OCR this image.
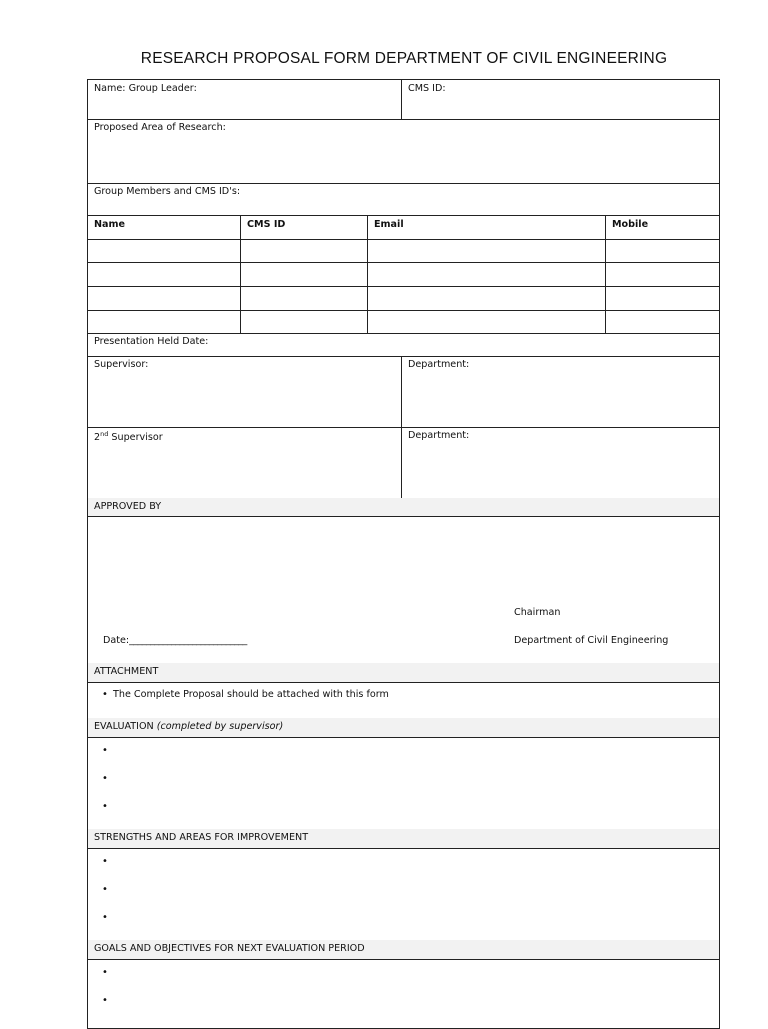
RESEARCH PROPOSAL FORM DEPARTMENT OF CIVIL ENGINEERING
Name: Group Leader:	CMS ID:
Proposed Area of Research:
Group Members and CMS ID's:
Name	CMS ID	Email	Mobile
Presentation Held Date:
Supervisor:	Department:
2nd Supervisor	Department:
APPROVED BY
Chairman
Date:____________________________	Department of Civil Engineering
ATTACHMENT
• The Complete Proposal should be attached with this form
EVALUATION (completed by supervisor)
•
•
•
STRENGTHS AND AREAS FOR IMPROVEMENT
•
•
•
GOALS AND OBJECTIVES FOR NEXT EVALUATION PERIOD
•
•
